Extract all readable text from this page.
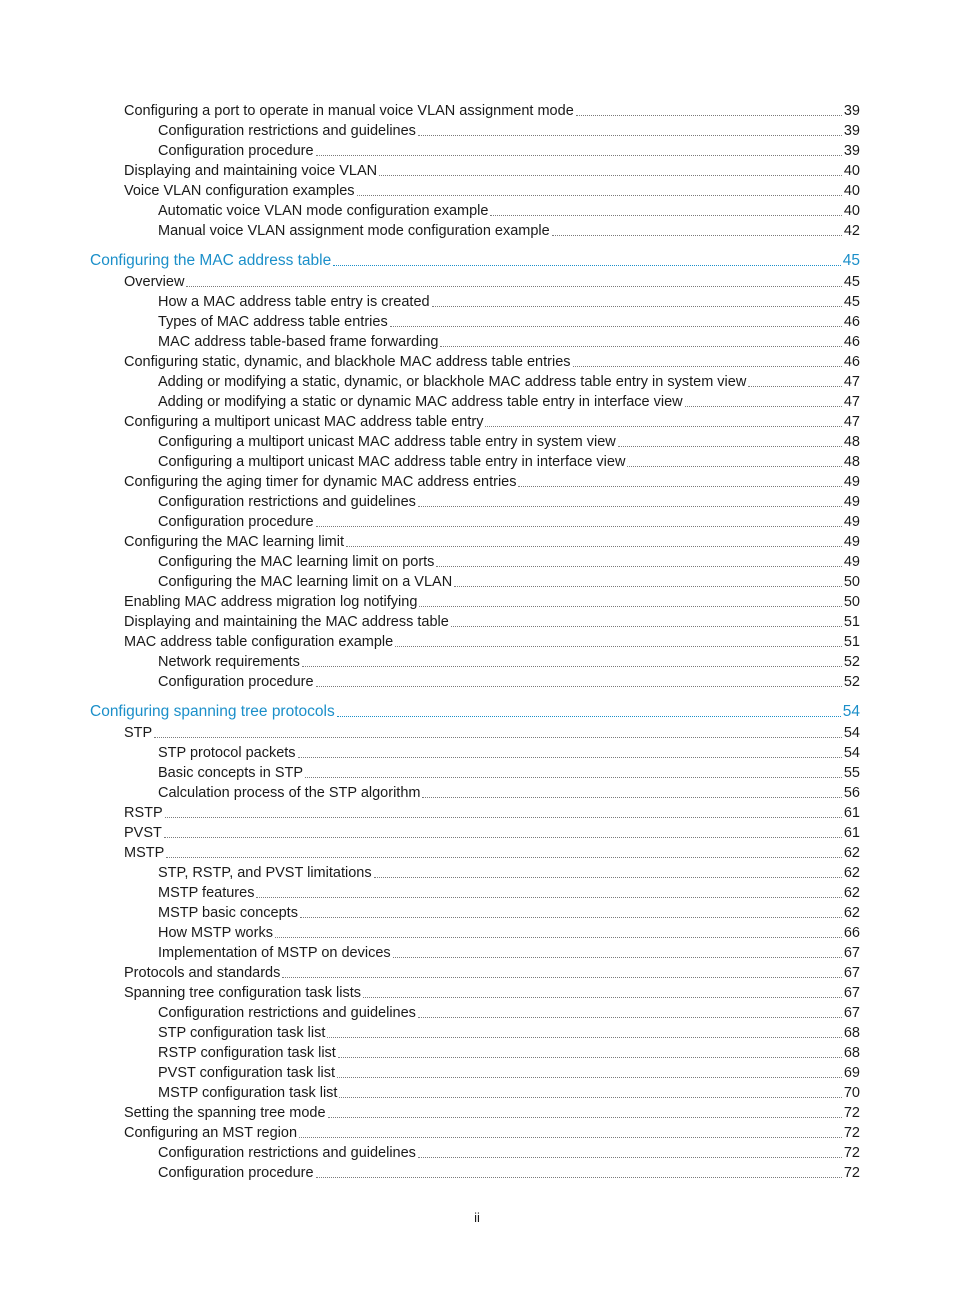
Configuring a port to operate in manual voice VLAN assignment mode	39
Configuration restrictions and guidelines	39
Configuration procedure	39
Displaying and maintaining voice VLAN	40
Voice VLAN configuration examples	40
Automatic voice VLAN mode configuration example	40
Manual voice VLAN assignment mode configuration example	42
Configuring the MAC address table	45
Overview	45
How a MAC address table entry is created	45
Types of MAC address table entries	46
MAC address table-based frame forwarding	46
Configuring static, dynamic, and blackhole MAC address table entries	46
Adding or modifying a static, dynamic, or blackhole MAC address table entry in system view	47
Adding or modifying a static or dynamic MAC address table entry in interface view	47
Configuring a multiport unicast MAC address table entry	47
Configuring a multiport unicast MAC address table entry in system view	48
Configuring a multiport unicast MAC address table entry in interface view	48
Configuring the aging timer for dynamic MAC address entries	49
Configuration restrictions and guidelines	49
Configuration procedure	49
Configuring the MAC learning limit	49
Configuring the MAC learning limit on ports	49
Configuring the MAC learning limit on a VLAN	50
Enabling MAC address migration log notifying	50
Displaying and maintaining the MAC address table	51
MAC address table configuration example	51
Network requirements	52
Configuration procedure	52
Configuring spanning tree protocols	54
STP	54
STP protocol packets	54
Basic concepts in STP	55
Calculation process of the STP algorithm	56
RSTP	61
PVST	61
MSTP	62
STP, RSTP, and PVST limitations	62
MSTP features	62
MSTP basic concepts	62
How MSTP works	66
Implementation of MSTP on devices	67
Protocols and standards	67
Spanning tree configuration task lists	67
Configuration restrictions and guidelines	67
STP configuration task list	68
RSTP configuration task list	68
PVST configuration task list	69
MSTP configuration task list	70
Setting the spanning tree mode	72
Configuring an MST region	72
Configuration restrictions and guidelines	72
Configuration procedure	72
ii
